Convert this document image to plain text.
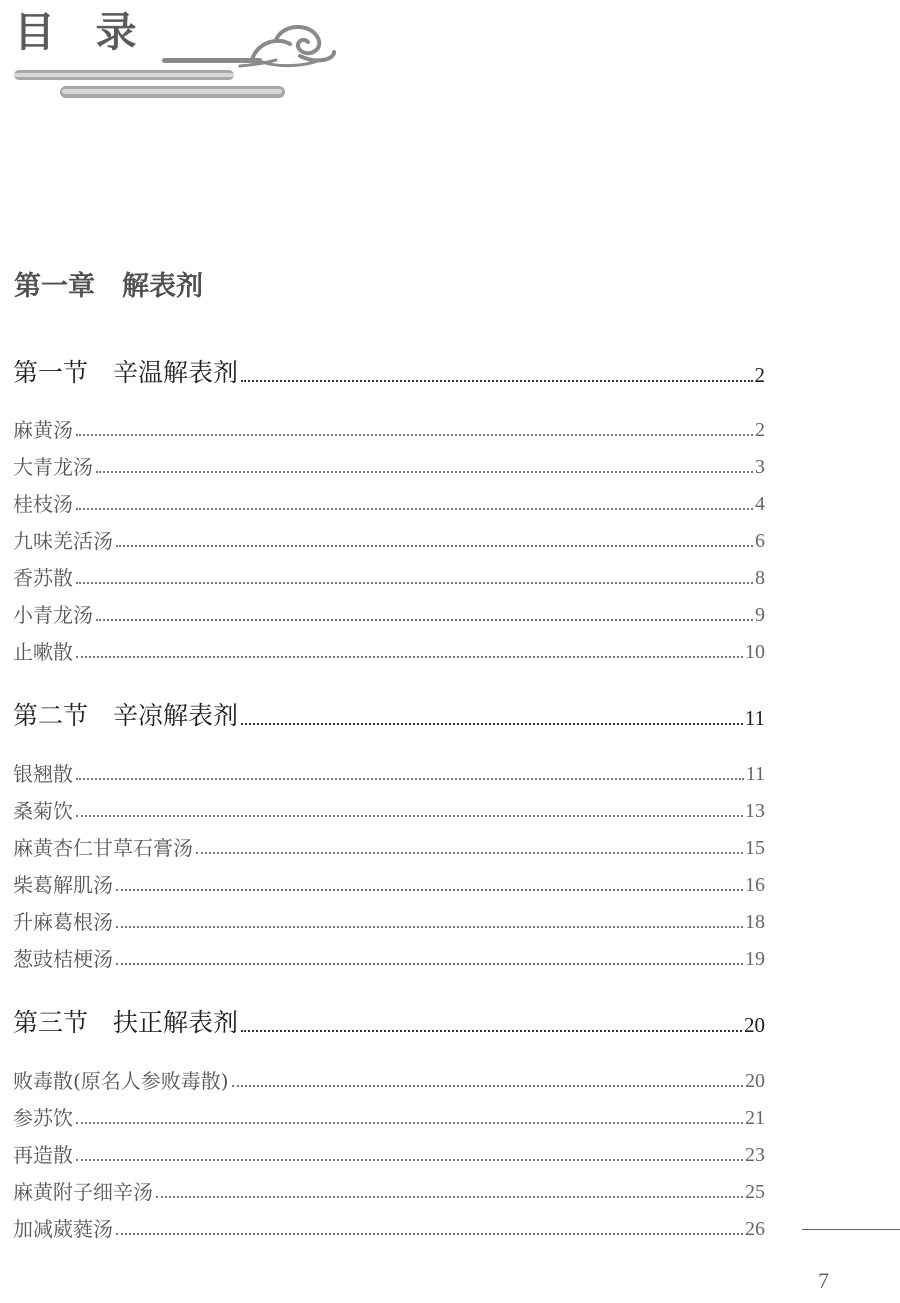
目  录
第一章　解表剂
第一节　辛温解表剂	2
麻黄汤	2
大青龙汤	3
桂枝汤	4
九味羌活汤	6
香苏散	8
小青龙汤	9
止嗽散	10
第二节　辛凉解表剂	11
银翘散	11
桑菊饮	13
麻黄杏仁甘草石膏汤	15
柴葛解肌汤	16
升麻葛根汤	18
葱豉桔梗汤	19
第三节　扶正解表剂	20
败毒散(原名人参败毒散)	20
参苏饮	21
再造散	23
麻黄附子细辛汤	25
加减葳蕤汤	26
7
